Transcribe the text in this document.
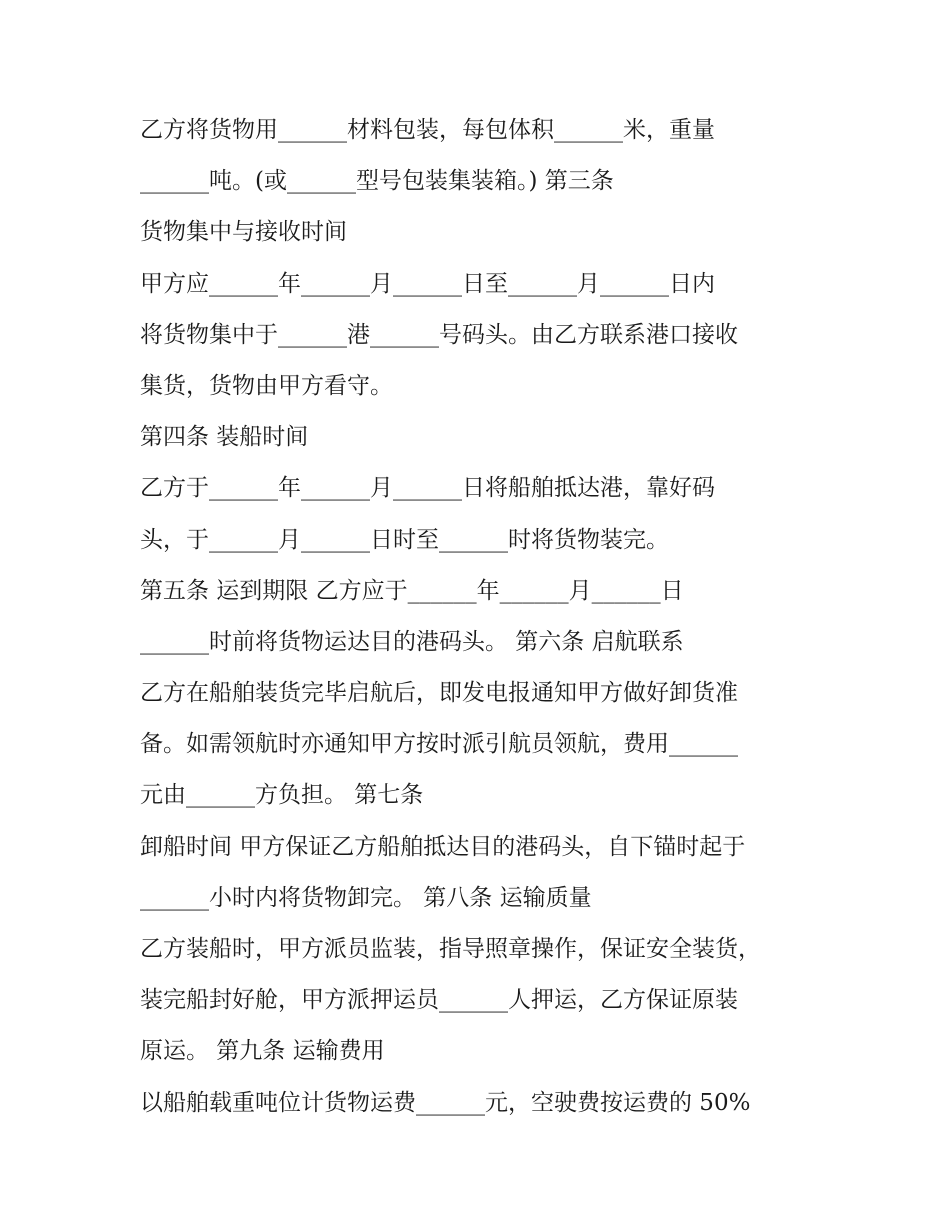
乙方将货物用______材料包装，每包体积______米，重量
______吨。(或______型号包装集装箱。) 第三条
货物集中与接收时间
甲方应______年______月______日至______月______日内
将货物集中于______港______号码头。由乙方联系港口接收
集货，货物由甲方看守。
第四条 装船时间
乙方于______年______月______日将船舶抵达港，靠好码
头，于______月______日时至______时将货物装完。
第五条 运到期限 乙方应于______年______月______日
______时前将货物运达目的港码头。 第六条 启航联系
乙方在船舶装货完毕启航后，即发电报通知甲方做好卸货准
备。如需领航时亦通知甲方按时派引航员领航，费用______
元由______方负担。 第七条
卸船时间 甲方保证乙方船舶抵达目的港码头，自下锚时起于
______小时内将货物卸完。 第八条 运输质量
乙方装船时，甲方派员监装，指导照章操作，保证安全装货，
装完船封好舱，甲方派押运员______人押运，乙方保证原装
原运。 第九条 运输费用
以船舶载重吨位计货物运费______元，空驶费按运费的 50%
